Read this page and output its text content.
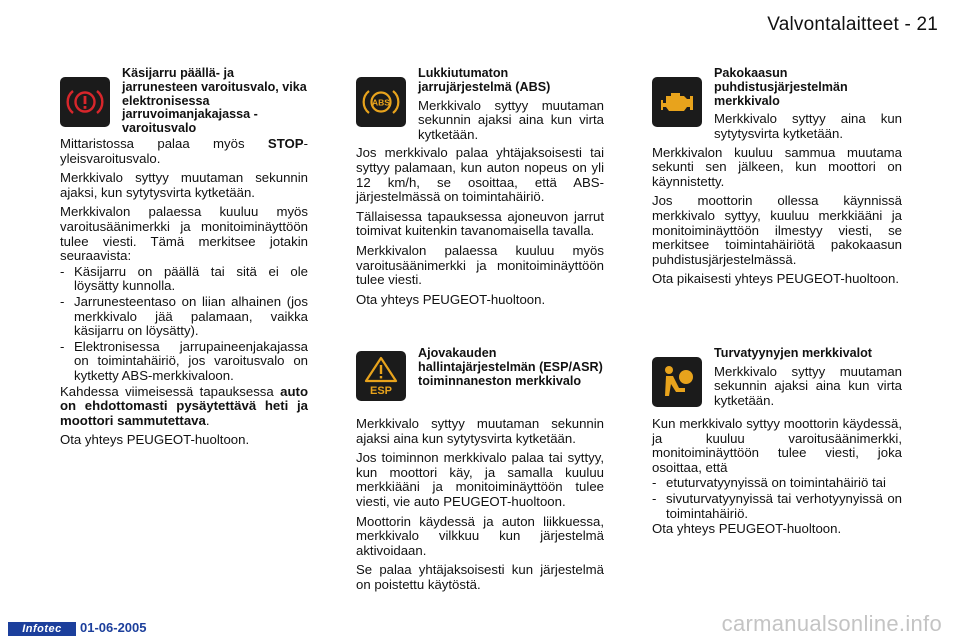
Valvontalaitteet - 21
Käsijarru päällä- ja jarrunesteen varoitusvalo, vika elektronisessa jarruvoimanjakajassa -varoitusvalo

Mittaristossa palaa myös STOP-yleisvaroitusvalo.

Merkkivalo syttyy muutaman sekunnin ajaksi, kun sytytysvirta kytketään.

Merkkivalon palaessa kuuluu myös varoitusäänimerkki ja monitoiminäyttöön tulee viesti. Tämä merkitsee jotakin seuraavista:

- Käsijarru on päällä tai sitä ei ole löysätty kunnolla.
- Jarrunesteentaso on liian alhainen (jos merkkivalo jää palamaan, vaikka käsijarru on löysätty).
- Elektronisessa jarrupaineenjakajassa on toimintahäiriö, jos varoitusvalo on kytketty ABS-merkkivaloon.

Kahdessa viimeisessä tapauksessa auto on ehdottomasti pysäytettävä heti ja moottori sammutettava.

Ota yhteys PEUGEOT-huoltoon.

ABS
Lukkiutumaton jarrujärjestelmä (ABS)
Merkkivalo syttyy muutaman sekunnin ajaksi aina kun virta kytketään.

Jos merkkivalo palaa yhtäjaksoisesti tai syttyy palamaan, kun auton nopeus on yli 12 km/h, se osoittaa, että ABS-järjestelmässä on toimintahäiriö.

Tällaisessa tapauksessa ajoneuvon jarrut toimivat kuitenkin tavanomaisella tavalla.

Merkkivalon palaessa kuuluu myös varoitusäänimerkki ja monitoiminäyttöön tulee viesti.

Ota yhteys PEUGEOT-huoltoon.

ESP
Ajovakauden hallintajärjestelmän (ESP/ASR) toiminnaneston merkkivalo

Merkkivalo syttyy muutaman sekunnin ajaksi aina kun sytytysvirta kytketään.

Jos toiminnon merkkivalo palaa tai syttyy, kun moottori käy, ja samalla kuuluu merkkiääni ja monitoiminäyttöön tulee viesti, vie auto PEUGEOT-huoltoon.

Moottorin käydessä ja auton liikkuessa, merkkivalo vilkkuu kun järjestelmä aktivoidaan.

Se palaa yhtäjaksoisesti kun järjestelmä on poistettu käytöstä.

Pakokaasun puhdistusjärjestelmän merkkivalo
Merkkivalo syttyy aina kun sytytysvirta kytketään.

Merkkivalon kuuluu sammua muutama sekunti sen jälkeen, kun moottori on käynnistetty.

Jos moottorin ollessa käynnissä merkkivalo syttyy, kuuluu merkkiääni ja monitoiminäyttöön ilmestyy viesti, se merkitsee toimintahäiriötä pakokaasun puhdistusjärjestelmässä.

Ota pikaisesti yhteys PEUGEOT-huoltoon.

Turvatyynyjen merkkivalot
Merkkivalo syttyy muutaman sekunnin ajaksi aina kun virta kytketään.

Kun merkkivalo syttyy moottorin käydessä, ja kuuluu varoitusäänimerkki, monitoiminäyttöön tulee viesti, joka osoittaa, että

- etuturvatyynyissä on toimintahäiriö tai
- sivuturvatyynyissä tai verhotyynyissä on toimintahäiriö.

Ota yhteys PEUGEOT-huoltoon.

Infotec	01-06-2005	carmanualsonline.info
